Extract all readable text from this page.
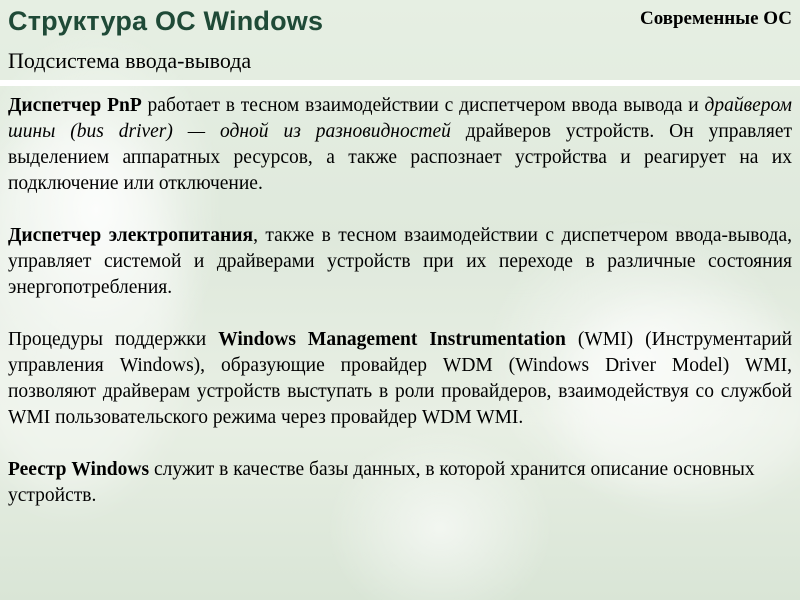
Структура ОС Windows
Подсистема ввода-вывода
Современные ОС

Диспетчер PnP работает в тесном взаимодействии с диспетчером ввода вывода и драйвером шины (bus driver) — одной из разновидностей драйверов устройств. Он управляет выделением аппаратных ресурсов, а также распознает устройства и реагирует на их подключение или отключение.

Диспетчер электропитания, также в тесном взаимодействии с диспетчером ввода-вывода, управляет системой и драйверами устройств при их переходе в различные состояния энергопотребления.

Процедуры поддержки Windows Management Instrumentation (WMI) (Инструментарий управления Windows), образующие провайдер WDM (Windows Driver Model) WMI, позволяют драйверам устройств выступать в роли провайдеров, взаимодействуя со службой WMI пользовательского режима через провайдер WDM WMI.

Реестр Windows служит в качестве базы данных, в которой хранится описание основных устройств.
